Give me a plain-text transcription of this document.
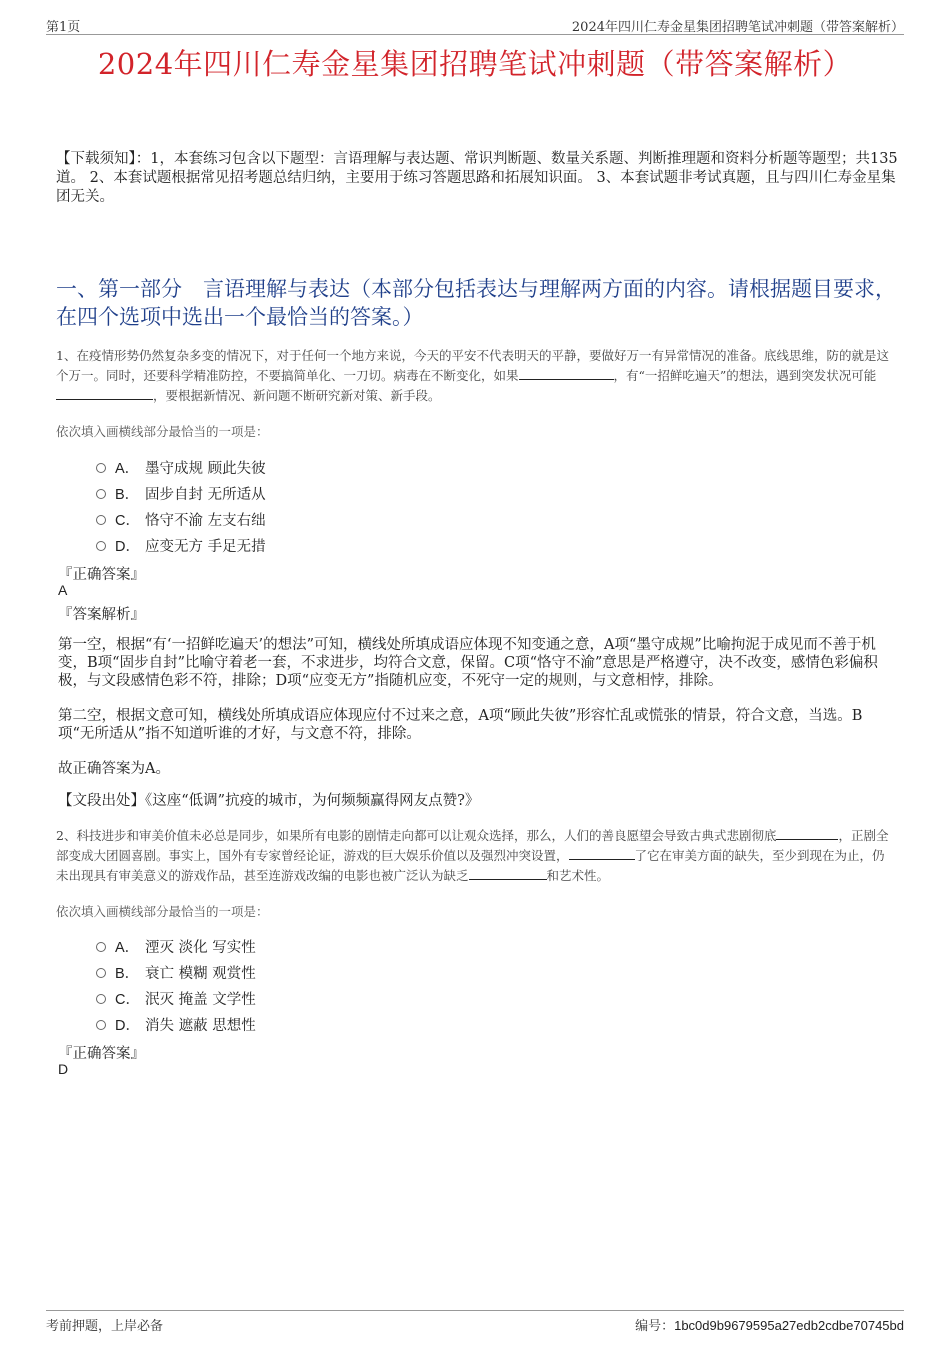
第1页	2024年四川仁寿金星集团招聘笔试冲刺题（带答案解析）
2024年四川仁寿金星集团招聘笔试冲刺题（带答案解析）
【下载须知】：1，本套练习包含以下题型：言语理解与表达题、常识判断题、数量关系题、判断推理题和资料分析题等题型；共135道。 2、本套试题根据常见招考题总结归纳，主要用于练习答题思路和拓展知识面。 3、本套试题非考试真题，且与四川仁寿金星集团无关。
一、第一部分　言语理解与表达（本部分包括表达与理解两方面的内容。请根据题目要求，在四个选项中选出一个最恰当的答案。）
1、在疫情形势仍然复杂多变的情况下，对于任何一个地方来说，今天的平安不代表明天的平静，要做好万一有异常情况的准备。底线思维，防的就是这个万一。同时，还要科学精准防控，不要搞简单化、一刀切。病毒在不断变化，如果	，有“一招鲜吃遍天”的想法，遇到突发状况可能，要根据新情况、新问题不断研究新对策、新手段。
依次填入画横线部分最恰当的一项是：
A． 墨守成规 顾此失彼
B． 固步自封 无所适从
C． 恪守不渝 左支右绌
D． 应变无方 手足无措
『正确答案』
A
『答案解析』
第一空，根据“有‘一招鲜吃遍天’的想法”可知，横线处所填成语应体现不知变通之意，A项“墨守成规”比喻拘泥于成见而不善于机变，B项“固步自封”比喻守着老一套，不求进步，均符合文意，保留。C项“恪守不渝”意思是严格遵守，决不改变，感情色彩偏积极，与文段感情色彩不符，排除；D项“应变无方”指随机应变，不死守一定的规则，与文意相悖，排除。
第二空，根据文意可知，横线处所填成语应体现应付不过来之意，A项“顾此失彼”形容忙乱或慌张的情景，符合文意，当选。B项“无所适从”指不知道听谁的才好，与文意不符，排除。
故正确答案为A。
【文段出处】《这座“低调”抗疫的城市，为何频频赢得网友点赞?》
2、科技进步和审美价值未必总是同步，如果所有电影的剧情走向都可以让观众选择，那么，人们的善良愿望会导致古典式悲剧彻底	，正剧全部变成大团圆喜剧。事实上，国外有专家曾经论证，游戏的巨大娱乐价值以及强烈冲突设置，	了它在审美方面的缺失，至少到现在为止，仍未出现具有审美意义的游戏作品，甚至连游戏改编的电影也被广泛认为缺乏	和艺术性。
依次填入画横线部分最恰当的一项是：
A． 湮灭 淡化 写实性
B． 衰亡 模糊 观赏性
C． 泯灭 掩盖 文学性
D． 消失 遮蔽 思想性
『正确答案』
D
考前押题，上岸必备	编号：1bc0d9b9679595a27edb2cdbe70745bd
